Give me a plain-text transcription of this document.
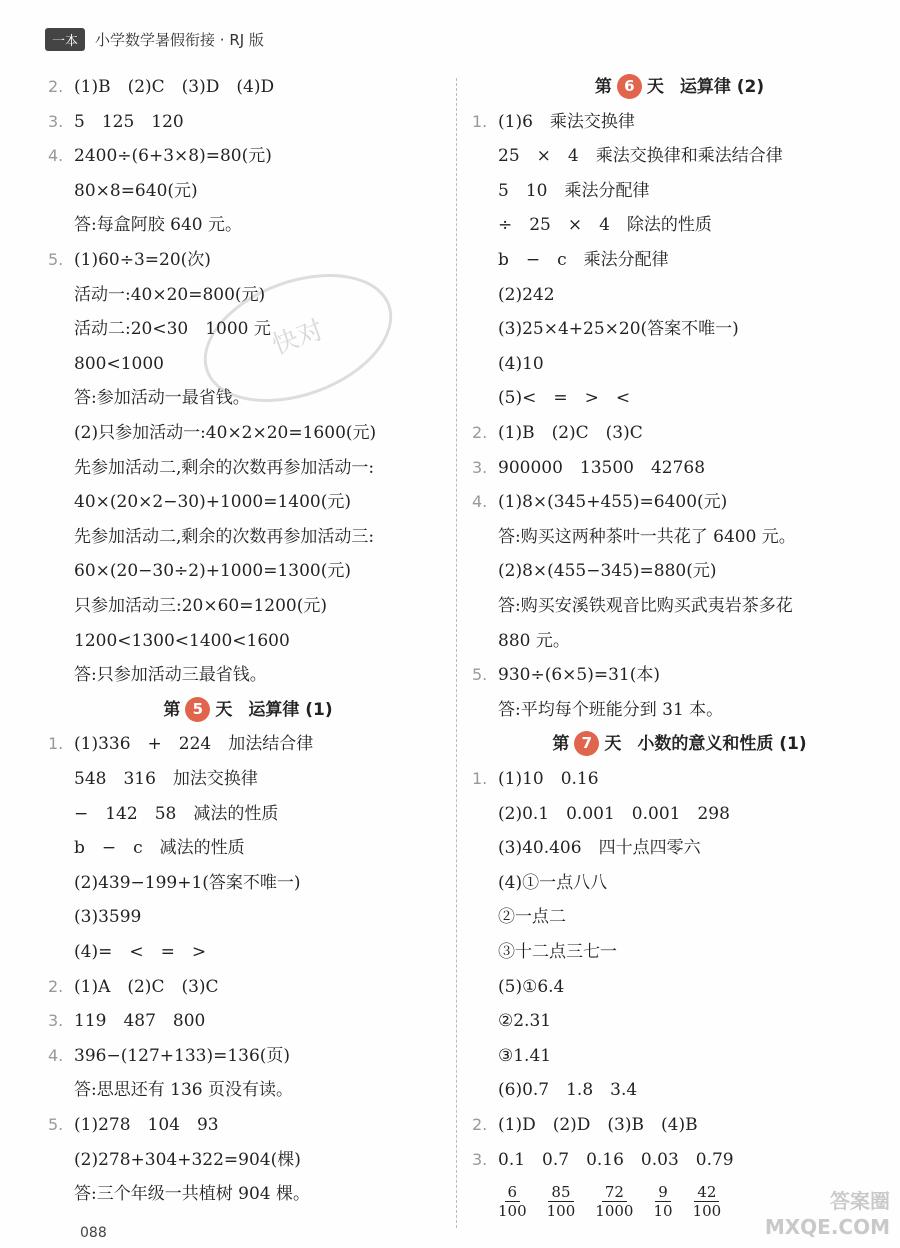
一本	小学数学暑假衔接 · RJ 版
快对
2. (1)B　(2)C　(3)D　(4)D
3. 5　125　120
4. 2400÷(6+3×8)=80(元)
80×8=640(元)
答:每盒阿胶 640 元。
5. (1)60÷3=20(次)
活动一:40×20=800(元)
活动二:20<30　1000 元
800<1000
答:参加活动一最省钱。
(2)只参加活动一:40×2×20=1600(元)
先参加活动二,剩余的次数再参加活动一:
40×(20×2−30)+1000=1400(元)
先参加活动二,剩余的次数再参加活动三:
60×(20−30÷2)+1000=1300(元)
只参加活动三:20×60=1200(元)
1200<1300<1400<1600
答:只参加活动三最省钱。
第 5 天 运算律 (1)
1. (1)336　+　224　加法结合律
548　316　加法交换律
−　142　58　减法的性质
b　−　c　减法的性质
(2)439−199+1(答案不唯一)
(3)3599
(4)=　<　=　>
2. (1)A　(2)C　(3)C
3. 119　487　800
4. 396−(127+133)=136(页)
答:思思还有 136 页没有读。
5. (1)278　104　93
(2)278+304+322=904(棵)
答:三个年级一共植树 904 棵。
第 6 天 运算律 (2)
1. (1)6　乘法交换律
25　×　4　乘法交换律和乘法结合律
5　10　乘法分配律
÷　25　×　4　除法的性质
b　−　c　乘法分配律
(2)242
(3)25×4+25×20(答案不唯一)
(4)10
(5)<　=　>　<
2. (1)B　(2)C　(3)C
3. 900000　13500　42768
4. (1)8×(345+455)=6400(元)
答:购买这两种茶叶一共花了 6400 元。
(2)8×(455−345)=880(元)
答:购买安溪铁观音比购买武夷岩茶多花
880 元。
5. 930÷(6×5)=31(本)
答:平均每个班能分到 31 本。
第 7 天 小数的意义和性质 (1)
1. (1)10　0.16
(2)0.1　0.001　0.001　298
(3)40.406　四十点四零六
(4)①一点八八
②一点二
③十二点三七一
(5)①6.4
②2.31
③1.41
(6)0.7　1.8　3.4
2. (1)D　(2)D　(3)B　(4)B
3. 0.1　0.7　0.16　0.03　0.79
$\frac{6}{100} \frac{85}{100} \frac{72}{1000} \frac{9}{10} \frac{42}{100}$
088
答案圈
MXQE.COM
